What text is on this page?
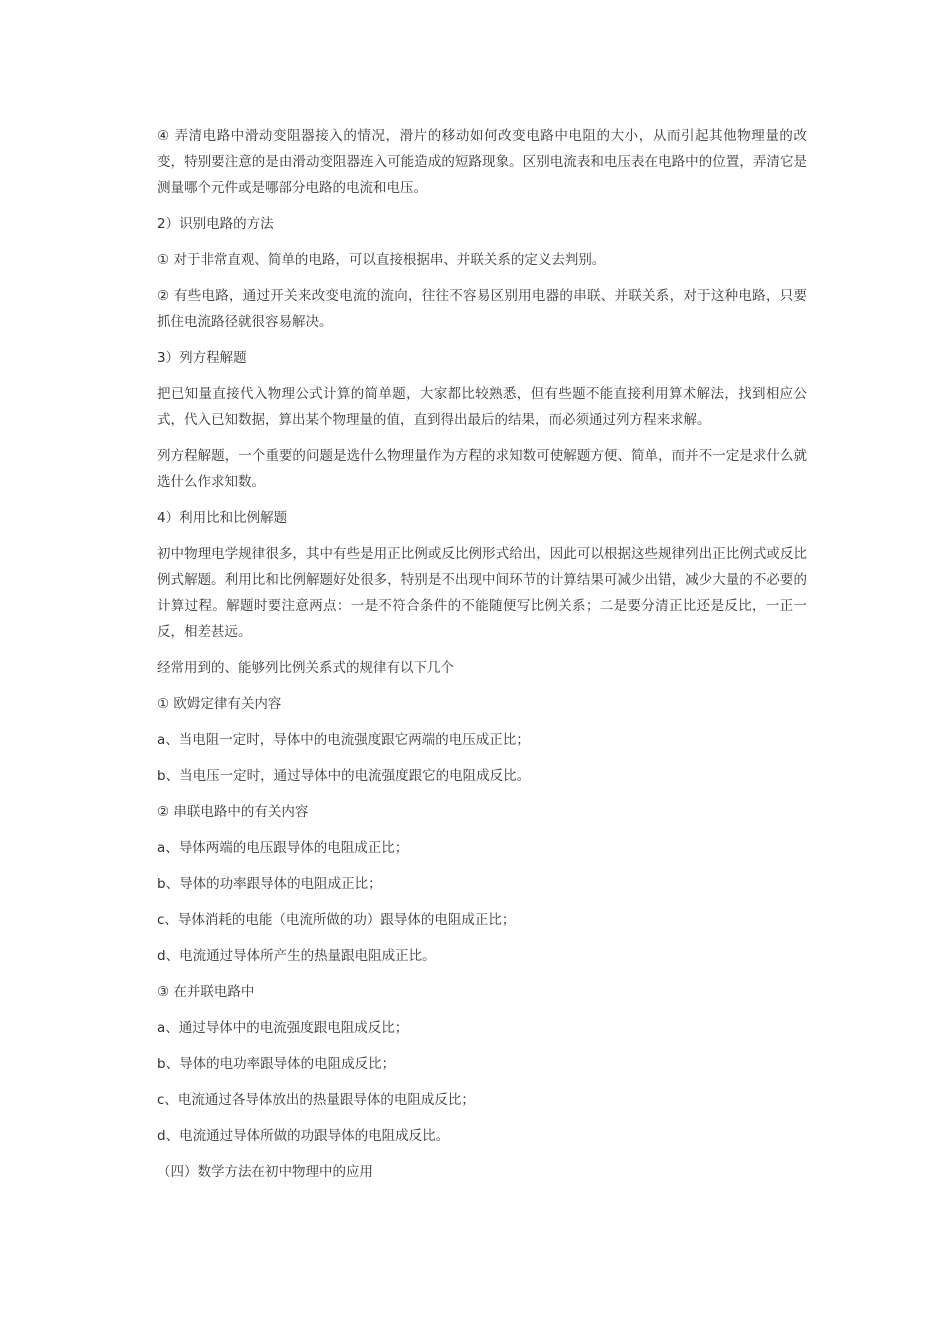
④ 弄清电路中滑动变阻器接入的情况，滑片的移动如何改变电路中电阻的大小，从而引起其他物理量的改变，特别要注意的是由滑动变阻器连入可能造成的短路现象。区别电流表和电压表在电路中的位置，弄清它是测量哪个元件或是哪部分电路的电流和电压。

2）识别电路的方法

① 对于非常直观、简单的电路，可以直接根据串、并联关系的定义去判别。

② 有些电路，通过开关来改变电流的流向，往往不容易区别用电器的串联、并联关系，对于这种电路，只要抓住电流路径就很容易解决。

3）列方程解题

把已知量直接代入物理公式计算的简单题，大家都比较熟悉，但有些题不能直接利用算术解法，找到相应公式，代入已知数据，算出某个物理量的值，直到得出最后的结果，而必须通过列方程来求解。

列方程解题，一个重要的问题是选什么物理量作为方程的求知数可使解题方便、简单，而并不一定是求什么就选什么作求知数。

4）利用比和比例解题

初中物理电学规律很多，其中有些是用正比例或反比例形式给出，因此可以根据这些规律列出正比例式或反比例式解题。利用比和比例解题好处很多，特别是不出现中间环节的计算结果可减少出错，减少大量的不必要的计算过程。解题时要注意两点：一是不符合条件的不能随便写比例关系；二是要分清正比还是反比，一正一反，相差甚远。

经常用到的、能够列比例关系式的规律有以下几个

① 欧姆定律有关内容

a、当电阻一定时，导体中的电流强度跟它两端的电压成正比；

b、当电压一定时，通过导体中的电流强度跟它的电阻成反比。

② 串联电路中的有关内容

a、导体两端的电压跟导体的电阻成正比；

b、导体的功率跟导体的电阻成正比；

c、导体消耗的电能（电流所做的功）跟导体的电阻成正比；

d、电流通过导体所产生的热量跟电阻成正比。

③ 在并联电路中

a、通过导体中的电流强度跟电阻成反比；

b、导体的电功率跟导体的电阻成反比；

c、电流通过各导体放出的热量跟导体的电阻成反比；

d、电流通过导体所做的功跟导体的电阻成反比。

（四）数学方法在初中物理中的应用
